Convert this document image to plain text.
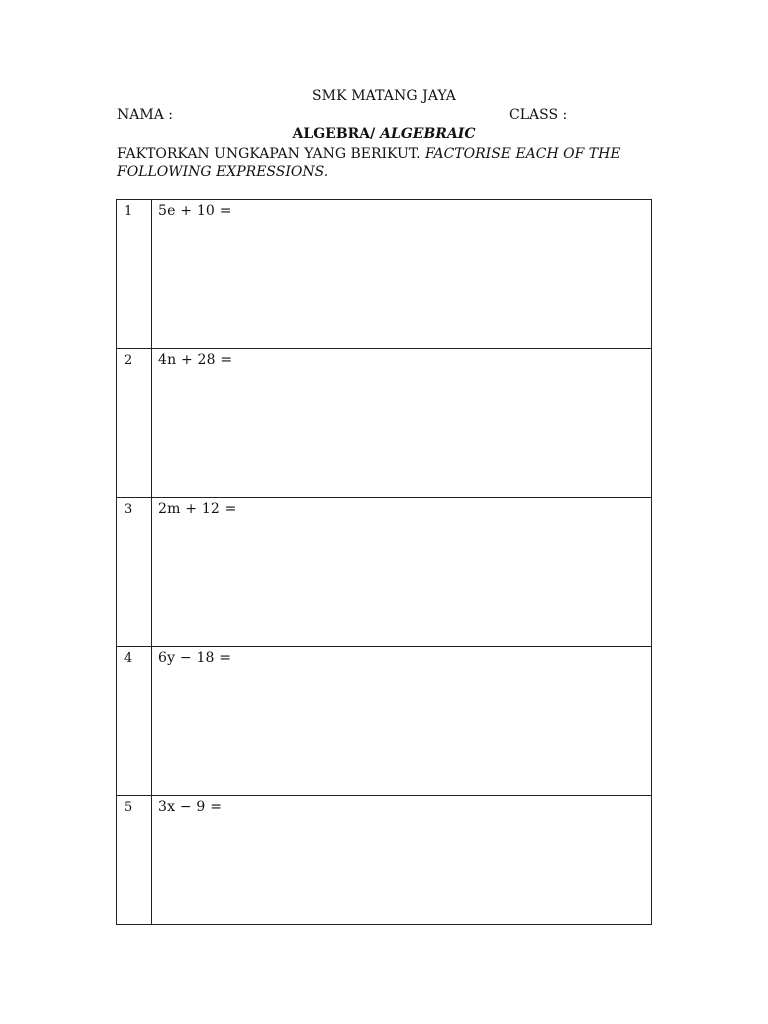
SMK MATANG JAYA
NAMA :	CLASS :
ALGEBRA/ ALGEBRAIC
FAKTORKAN UNGKAPAN YANG BERIKUT. FACTORISE EACH OF THE FOLLOWING EXPRESSIONS.
1	5e + 10 =
2	4n + 28 =
3	2m + 12 =
4	6y − 18 =
5	3x − 9 =
